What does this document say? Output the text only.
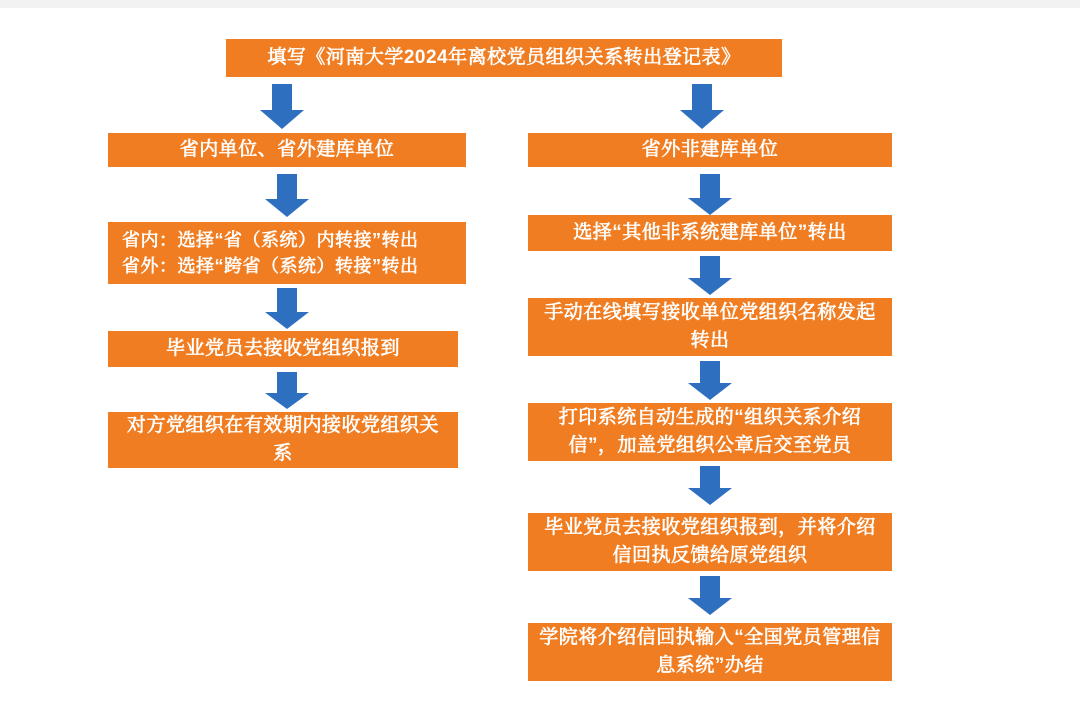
填写《河南大学2024年离校党员组织关系转出登记表》
省内单位、省外建库单位
省内：选择“省（系统）内转接”转出
省外：选择“跨省（系统）转接”转出
毕业党员去接收党组织报到
对方党组织在有效期内接收党组织关系
省外非建库单位
选择“其他非系统建库单位”转出
手动在线填写接收单位党组织名称发起转出
打印系统自动生成的“组织关系介绍信”，加盖党组织公章后交至党员
毕业党员去接收党组织报到，并将介绍信回执反馈给原党组织
学院将介绍信回执输入“全国党员管理信息系统”办结
